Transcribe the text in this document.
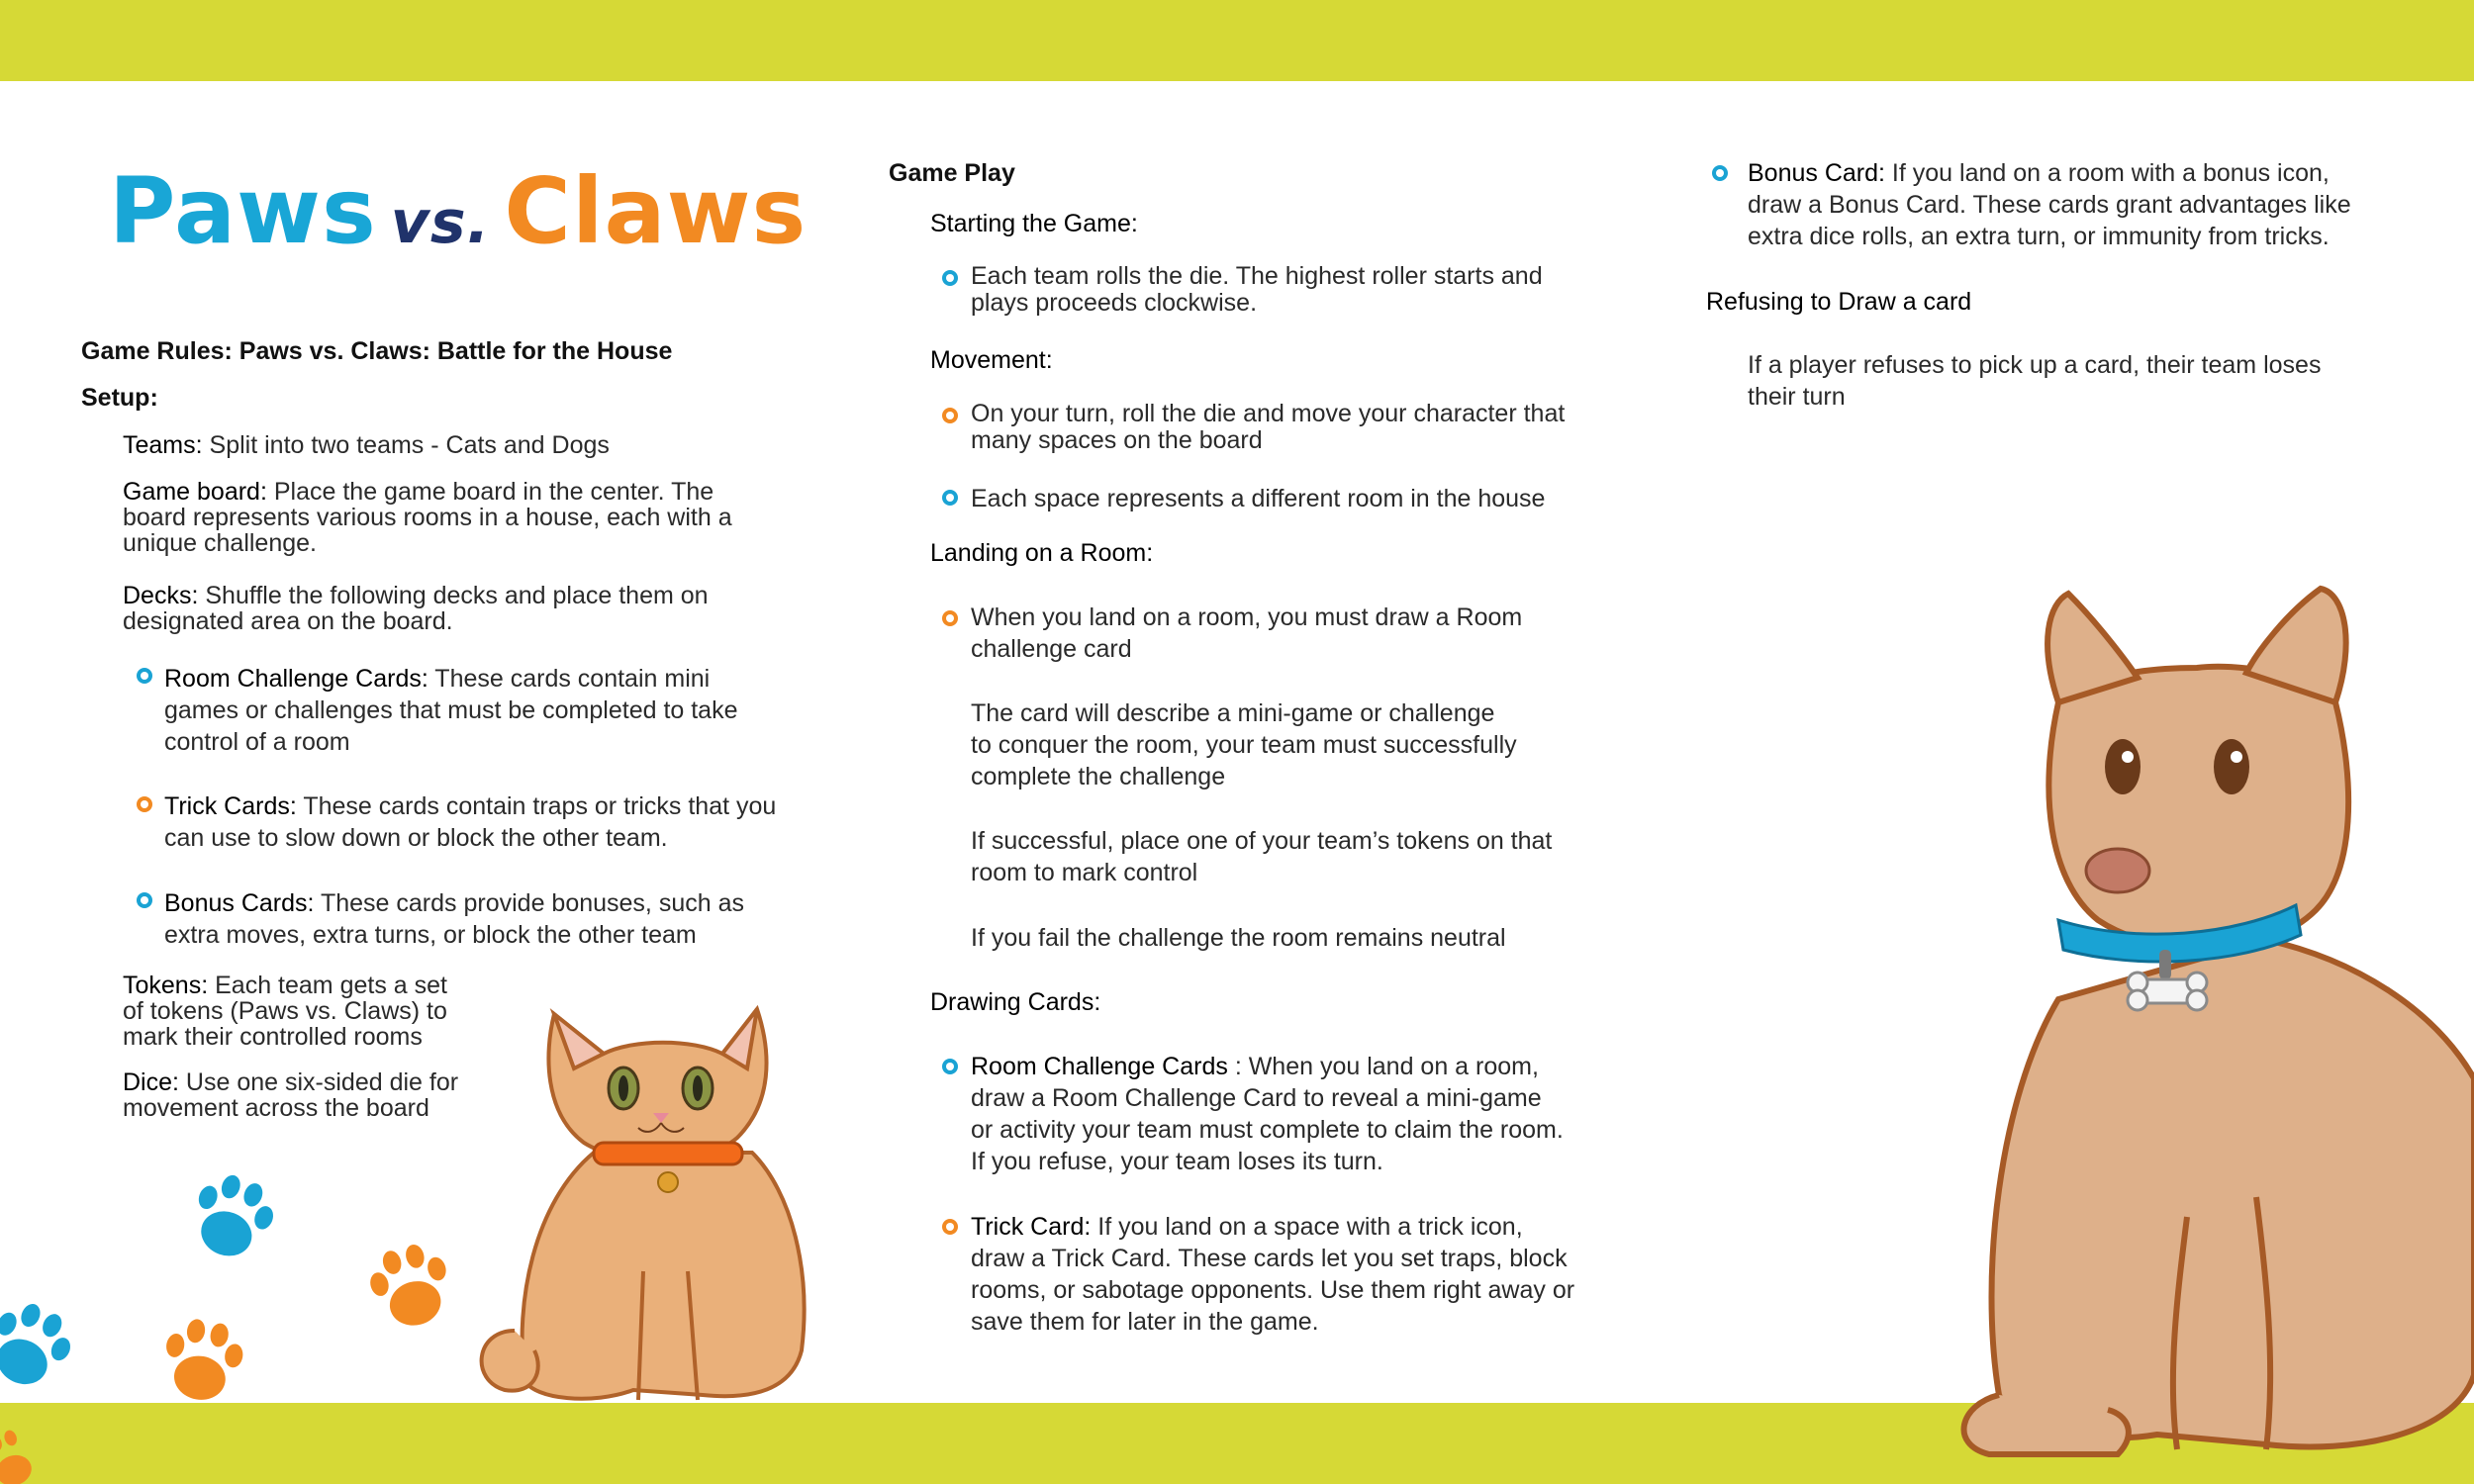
Paws vs. Claws
Game Rules: Paws vs. Claws: Battle for the House
Setup:
Teams: Split into two teams - Cats and Dogs
Game board: Place the game board in the center. The
board represents various rooms in a house, each with a
unique challenge.
Decks: Shuffle the following decks and place them on
designated area on the board.
Room Challenge Cards: These cards contain mini
games or challenges that must be completed to take
control of a room
Trick Cards: These cards contain traps or tricks that you
can use to slow down or block the other team.
Bonus Cards: These cards provide bonuses, such as
extra moves, extra turns, or block the other team
Tokens: Each team gets a set
of tokens (Paws vs. Claws) to
mark their controlled rooms
Dice: Use one six-sided die for
movement across the board
Game Play
Starting the Game:
Each team rolls the die. The highest roller starts and
plays proceeds clockwise.
Movement:
On your turn, roll the die and move your character that
many spaces on the board
Each space represents a different room in the house
Landing on a Room:
When you land on a room, you must draw a Room
challenge card
The card will describe a mini-game or challenge
to conquer the room, your team must successfully
complete the challenge
If successful, place one of your team’s tokens on that
room to mark control
If you fail the challenge the room remains neutral
Drawing Cards:
Room Challenge Cards : When you land on a room,
draw a Room Challenge Card to reveal a mini-game
or activity your team must complete to claim the room.
If you refuse, your team loses its turn.
Trick Card: If you land on a space with a trick icon,
draw a Trick Card. These cards let you set traps, block
rooms, or sabotage opponents. Use them right away or
save them for later in the game.
Bonus Card: If you land on a room with a bonus icon,
draw a Bonus Card. These cards grant advantages like
extra dice rolls, an extra turn, or immunity from tricks.
Refusing to Draw a card
If a player refuses to pick up a card, their team loses
their turn
